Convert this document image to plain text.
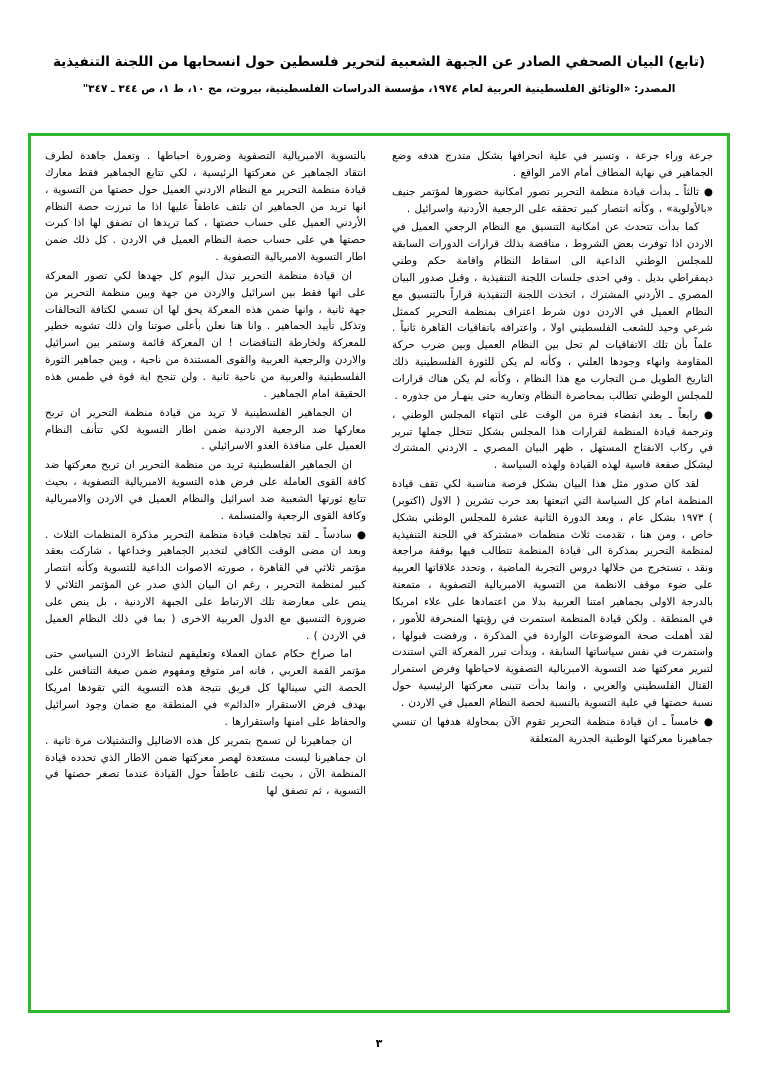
(تابع) البيان الصحفي الصادر عن الجبهة الشعبية لتحرير فلسطين حول انسحابها من اللجنة التنفيذية
المصدر: «الوثائق الفلسطينية العربية لعام ١٩٧٤، مؤسسة الدراسات الفلسطينية، بيروت، مج ١٠، ط ١، ص ٣٤٤ ـ ٣٤٧"

جرعة وراء جرعة ، وتسير في علية انحرافها بشكل متدرج هدفه وضع الجماهير في نهاية المطاف أمام الامر الواقع .

● ثالثاً ـ بدأت قيادة منظمة التحرير تصور امكانية حضورها لمؤتمر جنيف «بالأولوية» ، وكأنه انتصار كبير تحققه على الرجعية الأردنية واسرائيل .

كما بدأت تتحدث عن امكانية التنسيق مع النظام الرجعي العميل في الاردن اذا توفرت بعض الشروط ، مناقضة بذلك قرارات الدورات السابقة للمجلس الوطني الداعية الى اسقاط النظام واقامة حكم وطني ديمقراطي بديل . وفي احدى جلسات اللجنة التنفيذية ، وقبل صدور البيان المصري ـ الأردني المشترك ، اتخذت اللجنة التنفيذية قراراً بالتنسيق مع النظام العميل في الاردن دون شرط اعتراف بمنظمة التحرير كممثل شرعي وحيد للشعب الفلسطيني اولا ، واعترافه باتفاقيات القاهرة ثانياً . علماً بأن تلك الاتفاقيات لم تحل بين النظام العميل وبين ضرب حركة المقاومة وانهاء وجودها العلني ، وكأنه لم يكن للثورة الفلسطينية ذلك التاريخ الطويل مـن التجارب مع هذا النظام ، وكأنه لم يكن هناك قرارات للمجلس الوطني تطالب بمحاصرة النظام وتعاريه حتى ينهـار من جذوره .

● رابعاً ـ بعد انقضاء فترة من الوقت على انتهاء المجلس الوطني ، وترجمة قيادة المنظمة لقرارات هذا المجلس بشكل تتخلل جملها تبرير في ركاب الانفتاح المستهل ، ظهر البيان المصري ـ الاردني المشترك ليشكل صفعة قاسية لهذه القيادة ولهذه السياسة .

لقد كان صدور مثل هذا البيان بشكل فرصة مناسبة لكي تقف قيادة المنظمة امام كل السياسة التي اتبعتها بعد حرب تشرين ( الاول (اكتوبر) ) ١٩٧٣ بشكل عام ، وبعد الدورة الثانية عشرة للمجلس الوطني بشكل خاص ، ومن هنا ، تقدمت ثلاث منظمات «مشتركة في اللجنة التنفيذية لمنظمة التحرير بمذكرة الى قيادة المنظمة تتطالب فيها بوقفة مراجعة ونقد ، تستخرج من خلالها دروس التجربة الماضية ، وتحدد علاقاتها العربية على ضوء موقف الانظمة من التسوية الامبريالية التصفوية ، متمعنة بالدرجة الاولى بجماهير امتنا العربية بدلا من اعتمادها على علاء امريكا في المنطقة . ولكن قيادة المنظمة استمرت في رؤيتها المنحرفة للأمور ، لقد أهملت صحة الموضوعات الواردة في المذكرة ، ورفضت قبولها ، واستمرت في نفس سياساتها السابقة ، وبدأت تبرر المعركة التي استندت لتبرير معركتها ضد التسوية الامبريالية التصفوية لاحياطها وفرض استمرار القتال الفلسطيني والعربي ، وانما بدأت تتبنى معركتها الرئيسية حول نسبة حصتها في علية التسوية بالنسبة لحصة النظام العميل في الاردن .

● خامساً ـ ان قيادة منظمة التحرير تقوم الآن بمحاولة هدفها ان تنسي جماهيرنا معركتها الوطنية الجذرية المتعلقة

بالتسوية الامبريالية التصفوية وضرورة احباطها . وتعمل جاهدة لطرف انتقاد الجماهير عن معركتها الرئيسية ، لكي تتابع الجماهير فقط معارك قيادة منظمة التحرير مع النظام الاردني العميل حول حصتها من التسوية ، انها تريد من الجماهير ان تلتف عاطفاً عليها اذا ما تبرزت حصة النظام الأردني العميل على حساب حصتها ، كما تريدها ان تصفق لها اذا كبرت حصتها هي على حساب حصة النظام العميل في الاردن . كل ذلك ضمن اطار التسوية الامبريالية التصفوية .

ان قيادة منظمة التحرير تبذل اليوم كل جهدها لكي تصور المعركة على انها فقط بين اسرائيل والاردن من جهة وبين منظمة التحرير من جهة ثانية ، وانها ضمن هذه المعركة يحق لها ان تسمي لكتافة التحالفات وتذكل تأييد الجماهير . وانا هنا نعلن بأعلى صوتنا وان ذلك تشويه خطير للمعركة ولخارطة التناقضات ! ان المعركة قائمة وستمر بين اسرائيل والاردن والرجعية العربية والقوى المستندة من ناحية ، وبين جماهير الثورة الفلسطينية والعربية من ناحية ثانية . ولن تنجح اية قوة في طمس هذه الحقيقة امام الجماهير .

ان الجماهير الفلسطينية لا تريد من قيادة منظمة التحرير ان تربح معاركها ضد الرجعية الاردنية ضمن اطار التسوية لكي تتأنف النظام العميل على منافذة العدو الاسرائيلي .

ان الجماهير الفلسطينية تريد من منظمة التحرير ان تربح معركتها ضد كافة القوى العاملة على فرض هذه التسوية الامبريالية التصفوية ، بحيث تتابع ثورتها الشعبية ضد اسرائيل والنظام العميل في الاردن والامبريالية وكافة القوى الرجعية والمتسلمة .

● سادساً ـ لقد تجاهلت قيادة منظمة التحرير مذكرة المنظمات الثلاث . وبعد ان مضى الوقت الكافي لتخدير الجماهير وخداعها ، شاركت بعقد مؤتمر ثلاثي في القاهرة ، صورته الاصوات الداعية للتسوية وكأنه انتصار كبير لمنظمة التحرير ، رغم ان البيان الذي صدر عن المؤتمر الثلاثي لا ينص على معارضة تلك الارتباط على الجبهة الاردنية ، بل ينص على ضرورة التنسيق مع الدول العربية الاخرى ( بما في ذلك النظام العميل في الاردن ) .

اما صراخ حكام عمان العملاء وتعليقهم لنشاط الاردن السياسي حتى مؤتمر القمة العربي ، فانه امر متوقع ومفهوم ضمن صيغة التنافس على الحصة التي سينالها كل فريق نتيجة هذه التسوية التي تقودها امريكا بهدف فرض الاستقرار «الدائم» في المنطقة مع ضمان وجود اسرائيل والحفاظ على امنها واستقرارها .

ان جماهيرنا لن تسمح بتمرير كل هذه الاضاليل والتشتيلات مرة ثانية . ان جماهيرنا ليست مستعدة لهصر معركتها ضمن الاطار الذي تحدده قيادة المنظمة الآن ، بحيث تلتف عاطفاً حول القيادة عندما تصغر حصتها في التسوية ، ثم تصفق لها

٣
